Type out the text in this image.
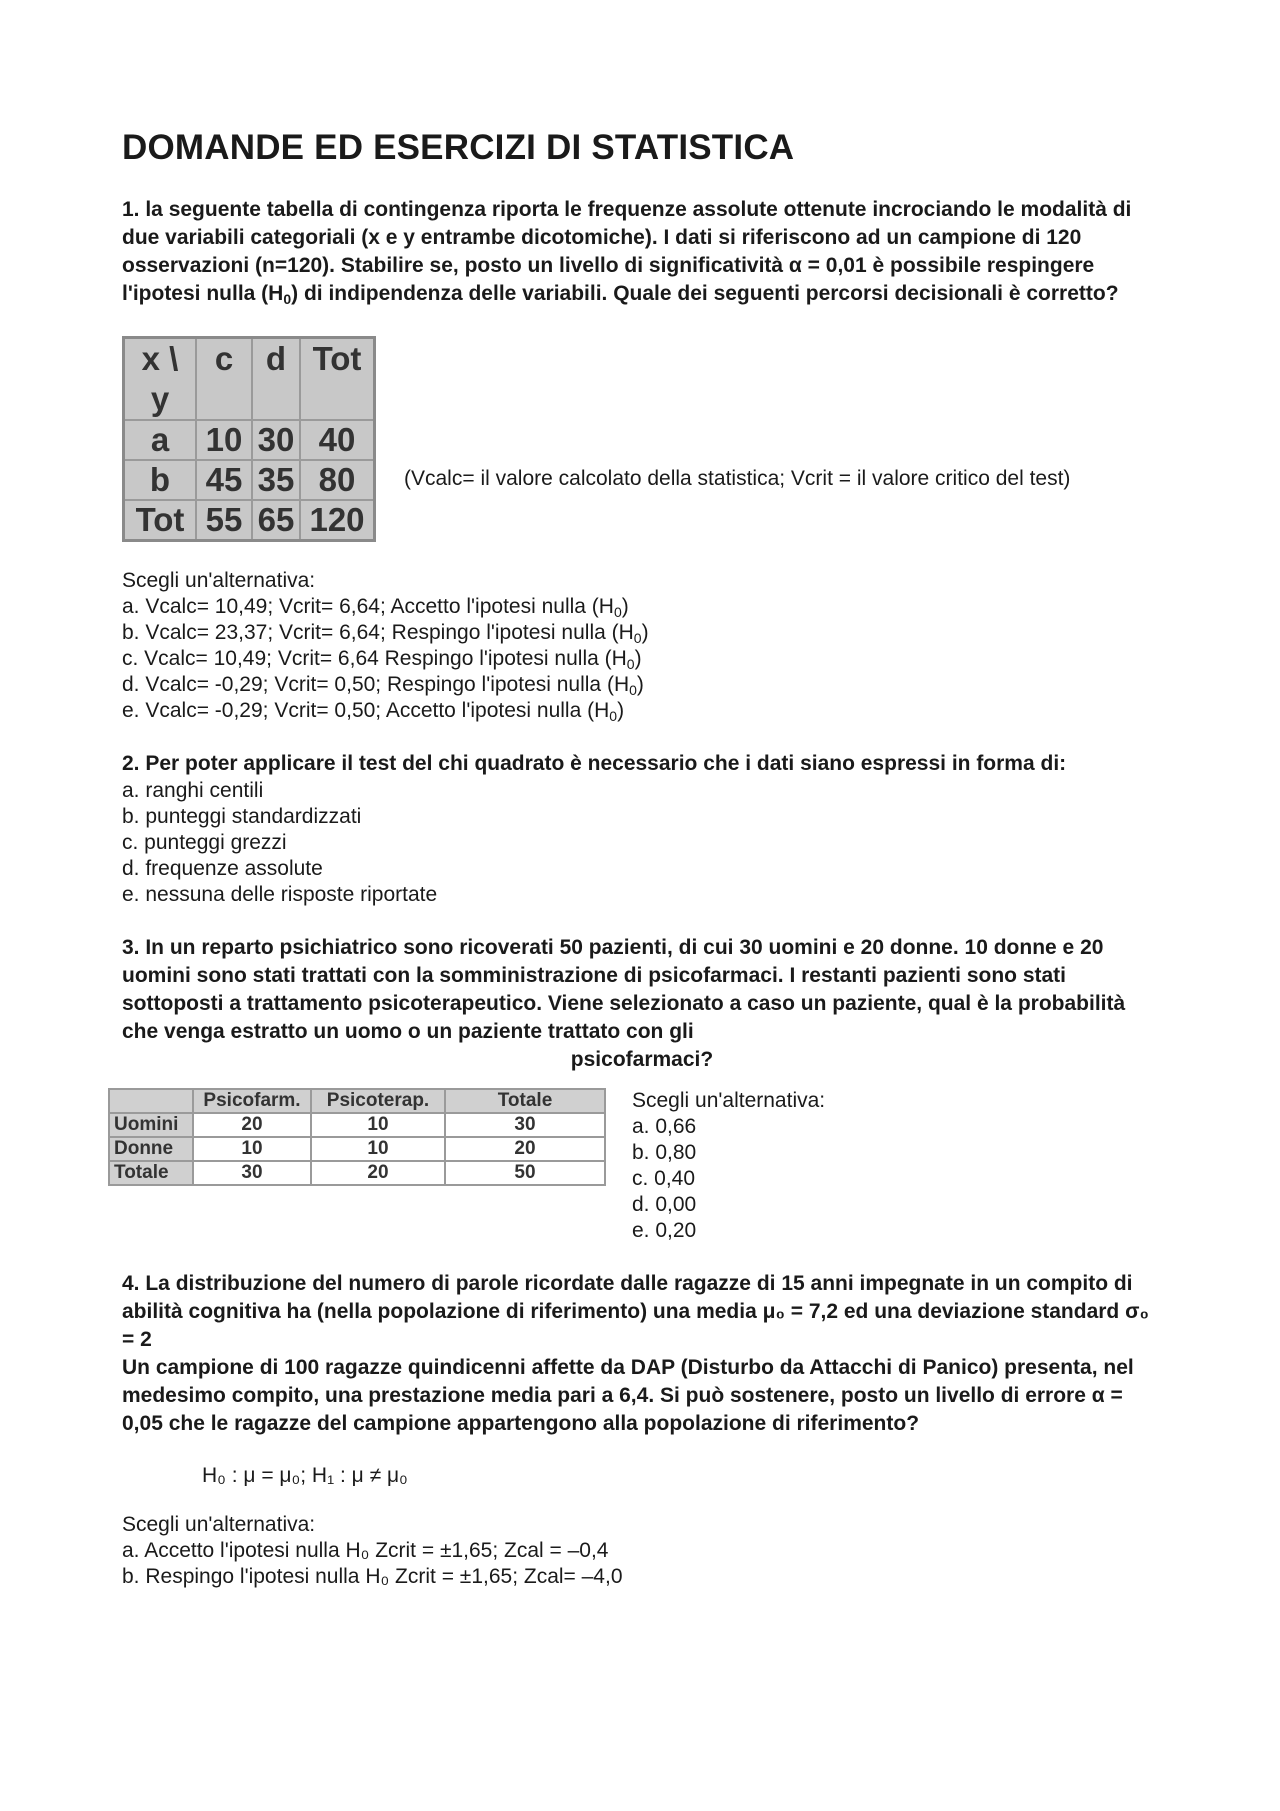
DOMANDE ED ESERCIZI DI STATISTICA

1. la seguente tabella di contingenza riporta le frequenze assolute ottenute incrociando le modalità di due variabili categoriali (x e y entrambe dicotomiche). I dati si riferiscono ad un campione di 120 osservazioni (n=120). Stabilire se, posto un livello di significatività α = 0,01 è possibile respingere l'ipotesi nulla $(H_0)$ di indipendenza delle variabili. Quale dei seguenti percorsi decisionali è corretto?

x \ y	c	d	Tot
a	10	30	40
b	45	35	80
Tot	55	65	120
(Vcalc= il valore calcolato della statistica; Vcrit = il valore critico del test)
Scegli un'alternativa:
a. Vcalc= 10,49; Vcrit= 6,64; Accetto l'ipotesi nulla $(H_0)$
b. Vcalc= 23,37; Vcrit= 6,64; Respingo l'ipotesi nulla $(H_0)$
c. Vcalc= 10,49; Vcrit= 6,64 Respingo l'ipotesi nulla $(H_0)$
d. Vcalc= -0,29; Vcrit= 0,50; Respingo l'ipotesi nulla $(H_0)$
e. Vcalc= -0,29; Vcrit= 0,50; Accetto l'ipotesi nulla $(H_0)$

2. Per poter applicare il test del chi quadrato è necessario che i dati siano espressi in forma di:

a. ranghi centili
b. punteggi standardizzati
c. punteggi grezzi
d. frequenze assolute
e. nessuna delle risposte riportate

3. In un reparto psichiatrico sono ricoverati 50 pazienti, di cui 30 uomini e 20 donne. 10 donne e 20 uomini sono stati trattati con la somministrazione di psicofarmaci. I restanti pazienti sono stati sottoposti a trattamento psicoterapeutico. Viene selezionato a caso un paziente, qual è la probabilità che venga estratto un uomo o un paziente trattato con gli

psicofarmaci?

	Psicofarm.	Psicoterap.	Totale
Uomini	20	10	30
Donne	10	10	20
Totale	30	20	50
Scegli un'alternativa:
a. 0,66
b. 0,80
c. 0,40
d. 0,00
e. 0,20

4. La distribuzione del numero di parole ricordate dalle ragazze di 15 anni impegnate in un compito di abilità cognitiva ha (nella popolazione di riferimento) una media μ₀ = 7,2 ed una deviazione standard σ₀ = 2

Un campione di 100 ragazze quindicenni affette da DAP (Disturbo da Attacchi di Panico) presenta, nel medesimo compito, una prestazione media pari a 6,4. Si può sostenere, posto un livello di errore α = 0,05 che le ragazze del campione appartengono alla popolazione di riferimento?

H₀ : μ = μ₀; H₁ : μ ≠ μ₀
Scegli un'alternativa:
a. Accetto l'ipotesi nulla H₀ Zcrit = ±1,65; Zcal = –0,4
b. Respingo l'ipotesi nulla H₀ Zcrit = ±1,65; Zcal= –4,0
